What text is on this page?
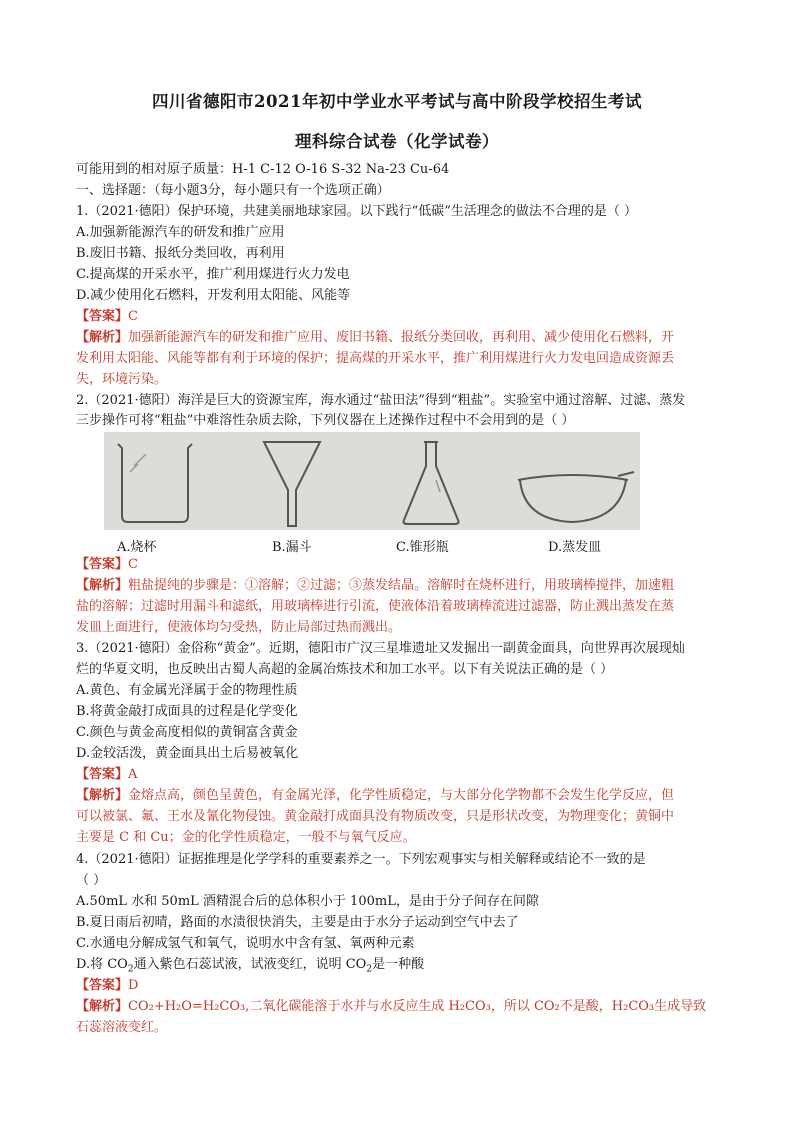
四川省德阳市2021年初中学业水平考试与高中阶段学校招生考试
理科综合试卷（化学试卷）
可能用到的相对原子质量：H-1 C-12 O-16 S-32 Na-23 Cu-64
一、选择题：（每小题3分，每小题只有一个选项正确）
1.（2021·德阳）保护环境，共建美丽地球家园。以下践行“低碳”生活理念的做法不合理的是（ ）
A.加强新能源汽车的研发和推广应用
B.废旧书籍、报纸分类回收，再利用
C.提高煤的开采水平，推广利用煤进行火力发电
D.减少使用化石燃料，开发利用太阳能、风能等
【答案】C
【解析】加强新能源汽车的研发和推广应用、废旧书籍、报纸分类回收，再利用、减少使用化石燃料，开
发利用太阳能、风能等都有利于环境的保护；提高煤的开采水平，推广利用煤进行火力发电回造成资源丢
失，环境污染。
2.（2021·德阳）海洋是巨大的资源宝库，海水通过“盐田法”得到“粗盐”。实验室中通过溶解、过滤、蒸发
三步操作可将“粗盐”中难溶性杂质去除，下列仪器在上述操作过程中不会用到的是（ ）
A.烧杯	B.漏斗	C.锥形瓶	D.蒸发皿
【答案】C
【解析】粗盐提纯的步骤是：①溶解；②过滤；③蒸发结晶。溶解时在烧杯进行，用玻璃棒搅拌，加速粗
盐的溶解；过滤时用漏斗和滤纸，用玻璃棒进行引流，使液体沿着玻璃棒流进过滤器，防止溅出蒸发在蒸
发皿上面进行，使液体均匀受热，防止局部过热而溅出。
3.（2021·德阳）金俗称“黄金”。近期，德阳市广汉三星堆遗址又发掘出一副黄金面具，向世界再次展现灿
烂的华夏文明，也反映出古蜀人高超的金属冶炼技术和加工水平。以下有关说法正确的是（ ）
A.黄色、有金属光泽属于金的物理性质
B.将黄金敲打成面具的过程是化学变化
C.颜色与黄金高度相似的黄铜富含黄金
D.金较活泼，黄金面具出土后易被氧化
【答案】A
【解析】金熔点高，颜色呈黄色，有金属光泽，化学性质稳定，与大部分化学物都不会发生化学反应，但
可以被氯、氟、王水及氰化物侵蚀。黄金敲打成面具没有物质改变，只是形状改变，为物理变化；黄铜中
主要是 C 和 Cu；金的化学性质稳定，一般不与氧气反应。
4.（2021·德阳）证据推理是化学学科的重要素养之一。下列宏观事实与相关解释或结论不一致的是
（ ）
A.50mL 水和 50mL 酒精混合后的总体积小于 100mL，是由于分子间存在间隙
B.夏日雨后初晴，路面的水渍很快消失，主要是由于水分子运动到空气中去了
C.水通电分解成氢气和氧气，说明水中含有氢、氧两种元素
D.将 $CO_2$通入紫色石蕊试液，试液变红，说明 $CO_2$是一种酸
【答案】D
【解析】CO₂+H₂O=H₂CO₃,二氧化碳能溶于水并与水反应生成 H₂CO₃，所以 CO₂不是酸，H₂CO₃生成导致
石蕊溶液变红。
